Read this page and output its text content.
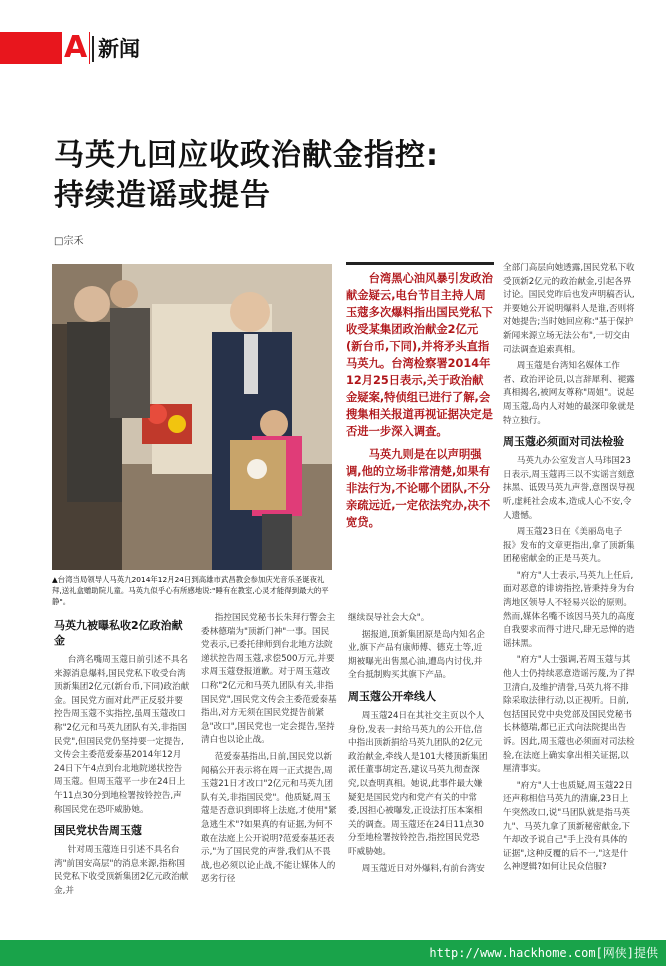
A 新闻
马英九回应收政治献金指控:
持续造谣或提告
□宗禾
▲台湾当局领导人马英九2014年12月24日到高雄市武昌教会参加庆光音乐圣诞夜礼拜,送礼盒赠助院儿童。马英九似乎心有所感地说:"睡有在教室,心灵才能得到最大的平静"。

台湾黑心油风暴引发政治献金疑云,电台节目主持人周玉蔻多次爆料指出国民党私下收受某集团政治献金2亿元(新台币,下同),并将矛头直指马英九。台湾检察署2014年12月25日表示,关于政治献金疑案,特侦组已进行了解,会搜集相关报道再视证据决定是否进一步深入调查。

马英九则是在以声明强调,他的立场非常清楚,如果有非法行为,不论哪个团队,不分亲疏远近,一定依法究办,决不宽贷。

马英九被曝私收2亿政治献金

台湾名嘴周玉蔻日前引述不具名来源消息爆料,国民党私下收受台湾顶新集团2亿元(新台币,下同)政治献金。国民党方面对此严正反驳并要控告周玉蔻不实指控,虽周玉蔻改口称"2亿元和马英九团队有关,非指国民党",但国民党仍坚持要一定提告,文传会主委范爱泰基2014年12月24日下午4点到台北地院递状控告周玉蔻。但周玉蔻平一步在24日上午11点30分到地检署按铃控告,声称国民党在恐吓威胁她。

国民党状告周玉蔻

针对周玉蔻连日引述不具名台湾"前国安高层"的消息来源,指称国民党私下收受顶新集团2亿元政治献金,并

指控国民党秘书长朱拜行警会主委林德瑞为"顶新门神"一事。国民党表示,已委托律师到台北地方法院递状控告周玉蔻,求偿500万元,并要求周玉蔻登报道歉。对于周玉蔻改口称"2亿元和马英九团队有关,非指国民党",国民党文传会主委范爱泰基指出,对方无须在国民党提告前紧急"改口",国民党也一定会提告,坚持清白也以论止战。

范爱泰基指出,日前,国民党以新闻稿公开表示将在周一正式提告,周玉蔻21日才改口"2亿元和马英九团队有关,非指国民党"。他质疑,周玉蔻是否意识到即将上法庭,才使用"紧急逃生术"?如果真的有证据,为何不敢在法庭上公开说明?范爱泰基还表示,"为了国民党的声誉,我们从不畏战,也必须以论止战,不能让媒体人的恶劣行径

继续误导社会大众"。

据报道,顶新集团原是岛内知名企业,旗下产品有康师傅、德克士等,近期被曝光出售黑心油,遭岛内讨伐,并全台抵制购买其旗下产品。

周玉蔻公开牵线人

周玉蔻24日在其社交主页以个人身份,发表一封给马英九的公开信,信中指出顶新捐给马英九团队的2亿元政治献金,牵线人是101大楼顶新集团派任董事胡定吾,建议马英九彻查深究,以查明真相。她说,此事件最大嫌疑犯是国民党内和党产有关的中常委,因担心被曝发,正设法打压本案相关的调查。周玉蔻还在24日11点30分至地检署按铃控告,指控国民党恐吓威胁她。

周玉蔻近日对外爆料,有前台湾安

全部门高层向她透露,国民党私下收受顶新2亿元的政治献金,引起各界讨论。国民党昨后也发声明稿否认,并要她公开说明爆料人是谁,否则将对她提告;当时她回应称:"基于保护新闻来源立场无法公布",一切交由司法调查追索真相。

周玉蔻是台湾知名媒体工作者、政治评论员,以言辞犀利、褪露真相揭名,被网友尊称"周姐"。说起周玉蔻,岛内人对她的最深印象就是特立独行。

周玉蔻必须面对司法检验

马英九办公室发言人马玮国23日表示,周玉蔻再三以不实谣言刻意抹黑、诋毁马英九声誉,意图误导视听,虚耗社会成本,造成人心不安,令人遗憾。

周玉蔻23日在《美丽岛电子报》发布的文章更指出,拿了顶新集团秘密献金的正是马英九。

"府方"人士表示,马英九上任后,面对恶意的诽谤指控,皆秉持身为台湾地区领导人不轻易兴讼的原则。然而,媒体名嘴不该因马英九的高度自我要求而得寸进尺,肆无忌惮的造谣抹黑。

"府方"人士强调,若周玉蔻与其他人士仍持续恶意造谣污蔑,为了捍卫清白,及维护清誉,马英九将不排除采取法律行动,以正视听。日前,包括国民党中央党部及国民党秘书长林德瑞,都已正式向法院提出告诉。因此,周玉蔻也必须面对司法检验,在法庭上确实拿出相关证据,以厘清事实。

"府方"人士也质疑,周玉蔻22日还声称相信马英九的清廉,23日上午突然改口,说"马团队就是指马英九"、马英九拿了顶新秘密献金,下午却改予说自己"手上没有具体的证据",这种反覆的后不一,"这是什么神逻辑?如何让民众信服?

http://www.hackhome.com[网侠]提供
